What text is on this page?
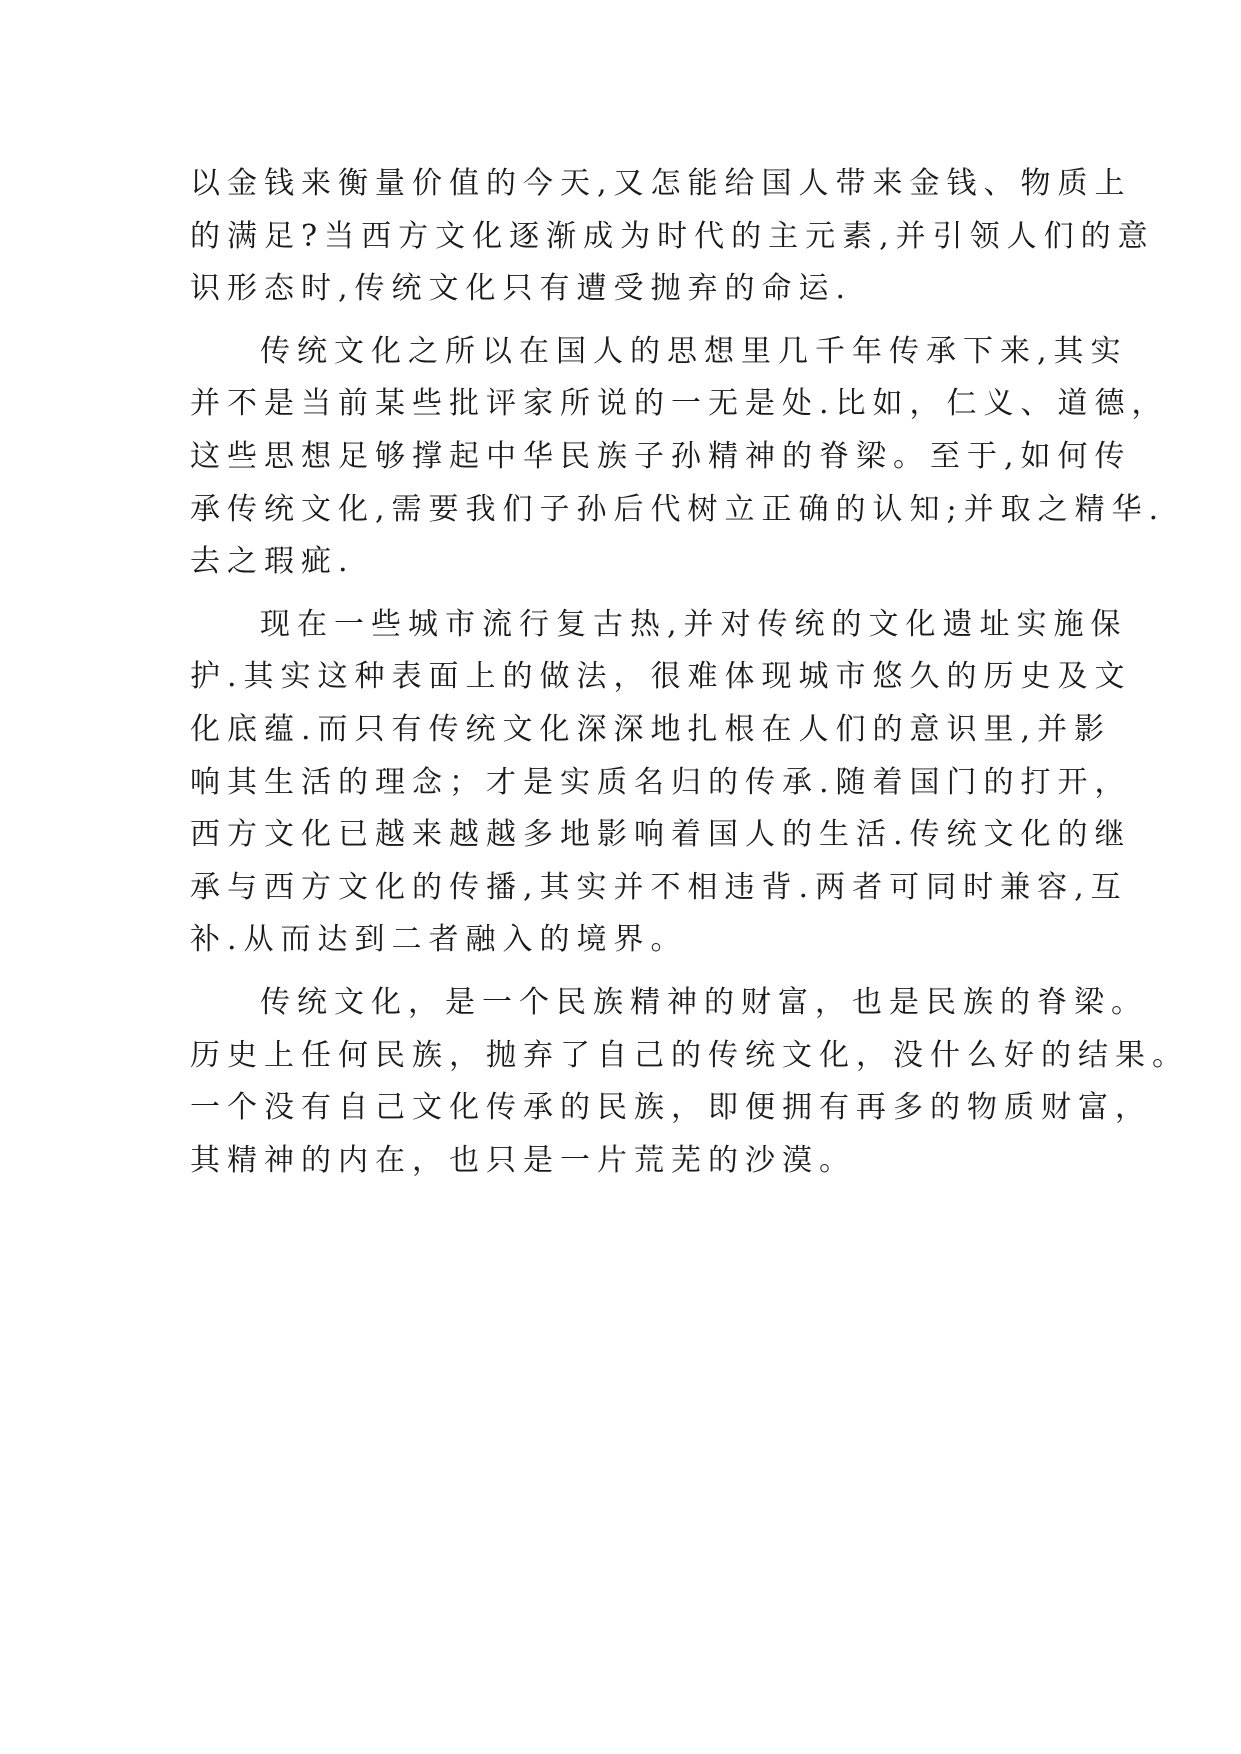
以金钱来衡量价值的今天,又怎能给国人带来金钱、物质上
的满足?当西方文化逐渐成为时代的主元素,并引领人们的意
识形态时,传统文化只有遭受抛弃的命运.
传统文化之所以在国人的思想里几千年传承下来,其实
并不是当前某些批评家所说的一无是处.比如，仁义、道德，
这些思想足够撑起中华民族子孙精神的脊梁。至于,如何传
承传统文化,需要我们子孙后代树立正确的认知;并取之精华.
去之瑕疵.
现在一些城市流行复古热,并对传统的文化遗址实施保
护.其实这种表面上的做法，很难体现城市悠久的历史及文
化底蕴.而只有传统文化深深地扎根在人们的意识里,并影
响其生活的理念；才是实质名归的传承.随着国门的打开，
西方文化已越来越越多地影响着国人的生活.传统文化的继
承与西方文化的传播,其实并不相违背.两者可同时兼容,互
补.从而达到二者融入的境界。
传统文化，是一个民族精神的财富，也是民族的脊梁。
历史上任何民族，抛弃了自己的传统文化，没什么好的结果。
一个没有自己文化传承的民族，即便拥有再多的物质财富，
其精神的内在，也只是一片荒芜的沙漠。
